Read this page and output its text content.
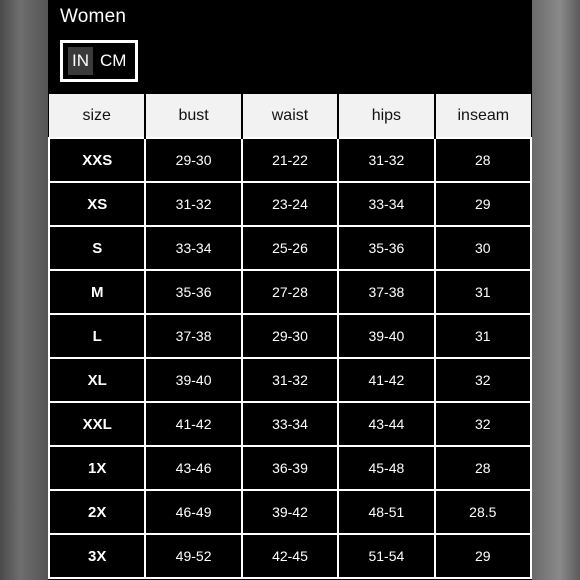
Women
IN CM
size	bust	waist	hips	inseam
XXS	29-30	21-22	31-32	28
XS	31-32	23-24	33-34	29
S	33-34	25-26	35-36	30
M	35-36	27-28	37-38	31
L	37-38	29-30	39-40	31
XL	39-40	31-32	41-42	32
XXL	41-42	33-34	43-44	32
1X	43-46	36-39	45-48	28
2X	46-49	39-42	48-51	28.5
3X	49-52	42-45	51-54	29
